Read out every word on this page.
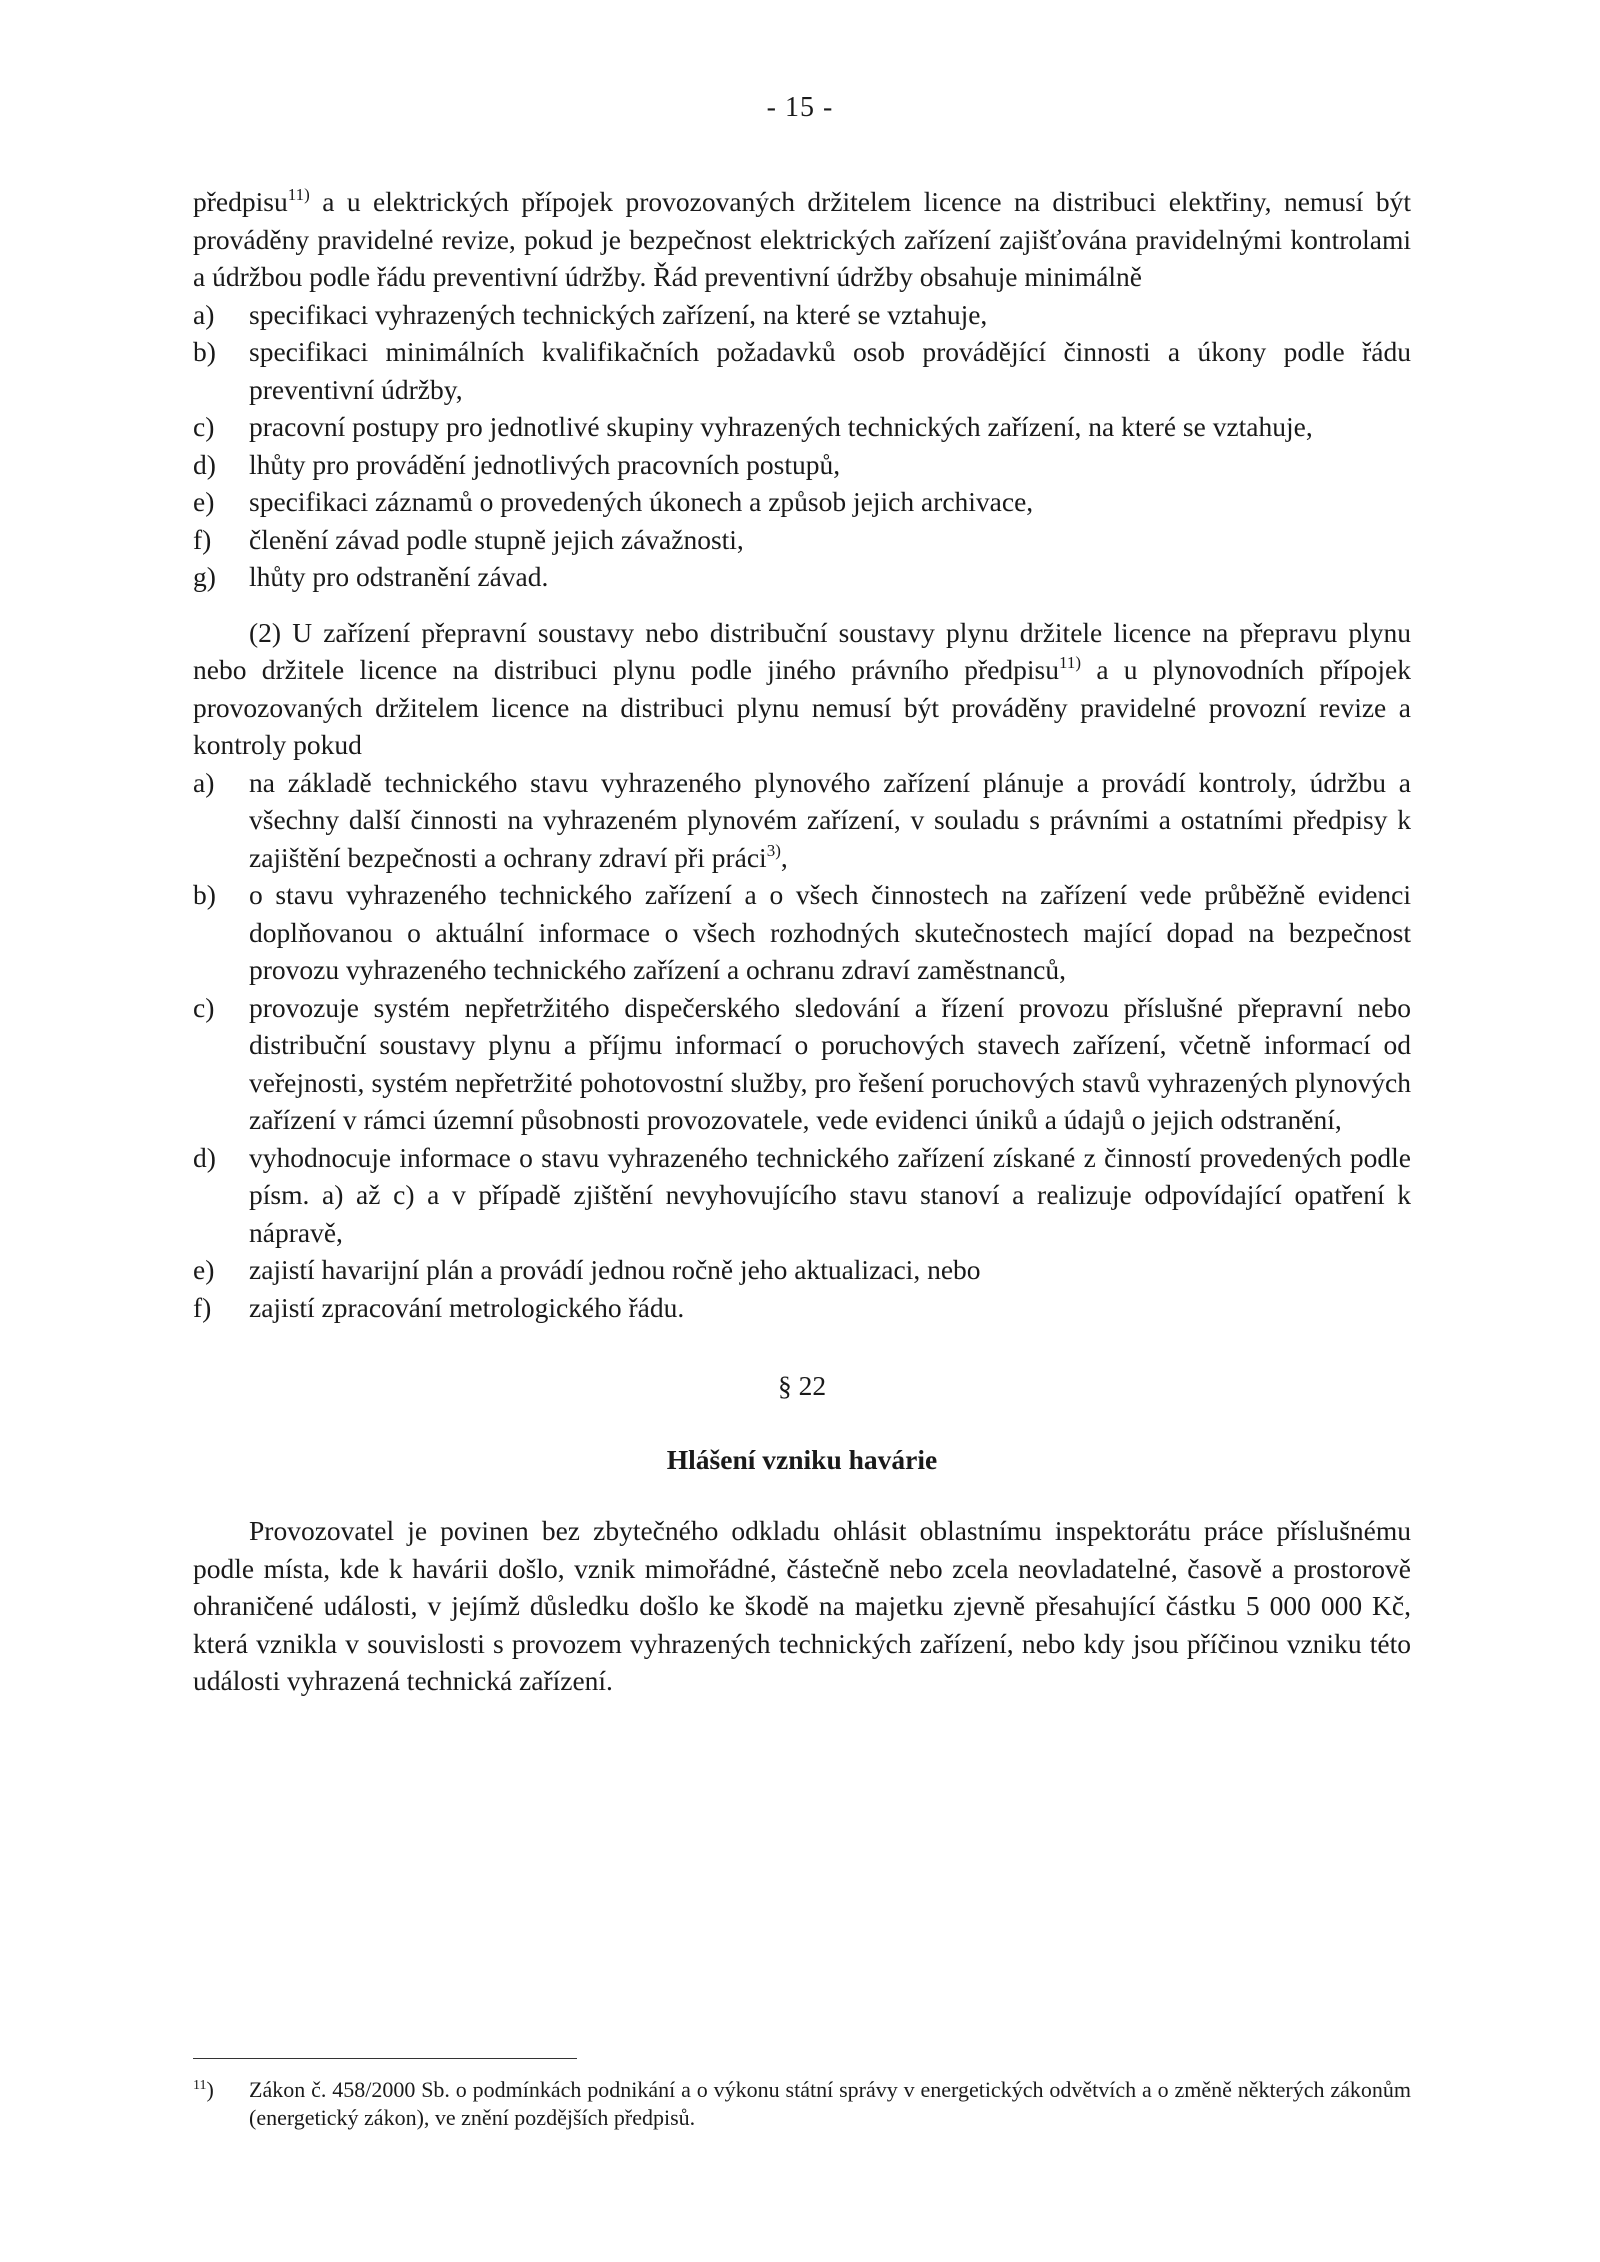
- 15 -

předpisu$^{11)}$ a u elektrických přípojek provozovaných držitelem licence na distribuci elektřiny, nemusí být prováděny pravidelné revize, pokud je bezpečnost elektrických zařízení zajišťována pravidelnými kontrolami a údržbou podle řádu preventivní údržby. Řád preventivní údržby obsahuje minimálně

a) specifikaci vyhrazených technických zařízení, na které se vztahuje,
b) specifikaci minimálních kvalifikačních požadavků osob provádějící činnosti a úkony podle řádu preventivní údržby,
c) pracovní postupy pro jednotlivé skupiny vyhrazených technických zařízení, na které se vztahuje,
d) lhůty pro provádění jednotlivých pracovních postupů,
e) specifikaci záznamů o provedených úkonech a způsob jejich archivace,
f) členění závad podle stupně jejich závažnosti,
g) lhůty pro odstranění závad.

(2) U zařízení přepravní soustavy nebo distribuční soustavy plynu držitele licence na přepravu plynu nebo držitele licence na distribuci plynu podle jiného právního předpisu$^{11)}$ a u plynovodních přípojek provozovaných držitelem licence na distribuci plynu nemusí být prováděny pravidelné provozní revize a kontroly pokud

a) na základě technického stavu vyhrazeného plynového zařízení plánuje a provádí kontroly, údržbu a všechny další činnosti na vyhrazeném plynovém zařízení, v souladu s právními a ostatními předpisy k zajištění bezpečnosti a ochrany zdraví při práci$^{3)}$,
b) o stavu vyhrazeného technického zařízení a o všech činnostech na zařízení vede průběžně evidenci doplňovanou o aktuální informace o všech rozhodných skutečnostech mající dopad na bezpečnost provozu vyhrazeného technického zařízení a ochranu zdraví zaměstnanců,
c) provozuje systém nepřetržitého dispečerského sledování a řízení provozu příslušné přepravní nebo distribuční soustavy plynu a příjmu informací o poruchových stavech zařízení, včetně informací od veřejnosti, systém nepřetržité pohotovostní služby, pro řešení poruchových stavů vyhrazených plynových zařízení v rámci územní působnosti provozovatele, vede evidenci úniků a údajů o jejich odstranění,
d) vyhodnocuje informace o stavu vyhrazeného technického zařízení získané z činností provedených podle písm. a) až c) a v případě zjištění nevyhovujícího stavu stanoví a realizuje odpovídající opatření k nápravě,
e) zajistí havarijní plán a provádí jednou ročně jeho aktualizaci, nebo
f) zajistí zpracování metrologického řádu.
§ 22
Hlášení vzniku havárie

Provozovatel je povinen bez zbytečného odkladu ohlásit oblastnímu inspektorátu práce příslušnému podle místa, kde k havárii došlo, vznik mimořádné, částečně nebo zcela neovladatelné, časově a prostorově ohraničené události, v jejímž důsledku došlo ke škodě na majetku zjevně přesahující částku 5 000 000 Kč, která vznikla v souvislosti s provozem vyhrazených technických zařízení, nebo kdy jsou příčinou vzniku této události vyhrazená technická zařízení.

$^{11}$) Zákon č. 458/2000 Sb. o podmínkách podnikání a o výkonu státní správy v energetických odvětvích a o změně některých zákonům (energetický zákon), ve znění pozdějších předpisů.
